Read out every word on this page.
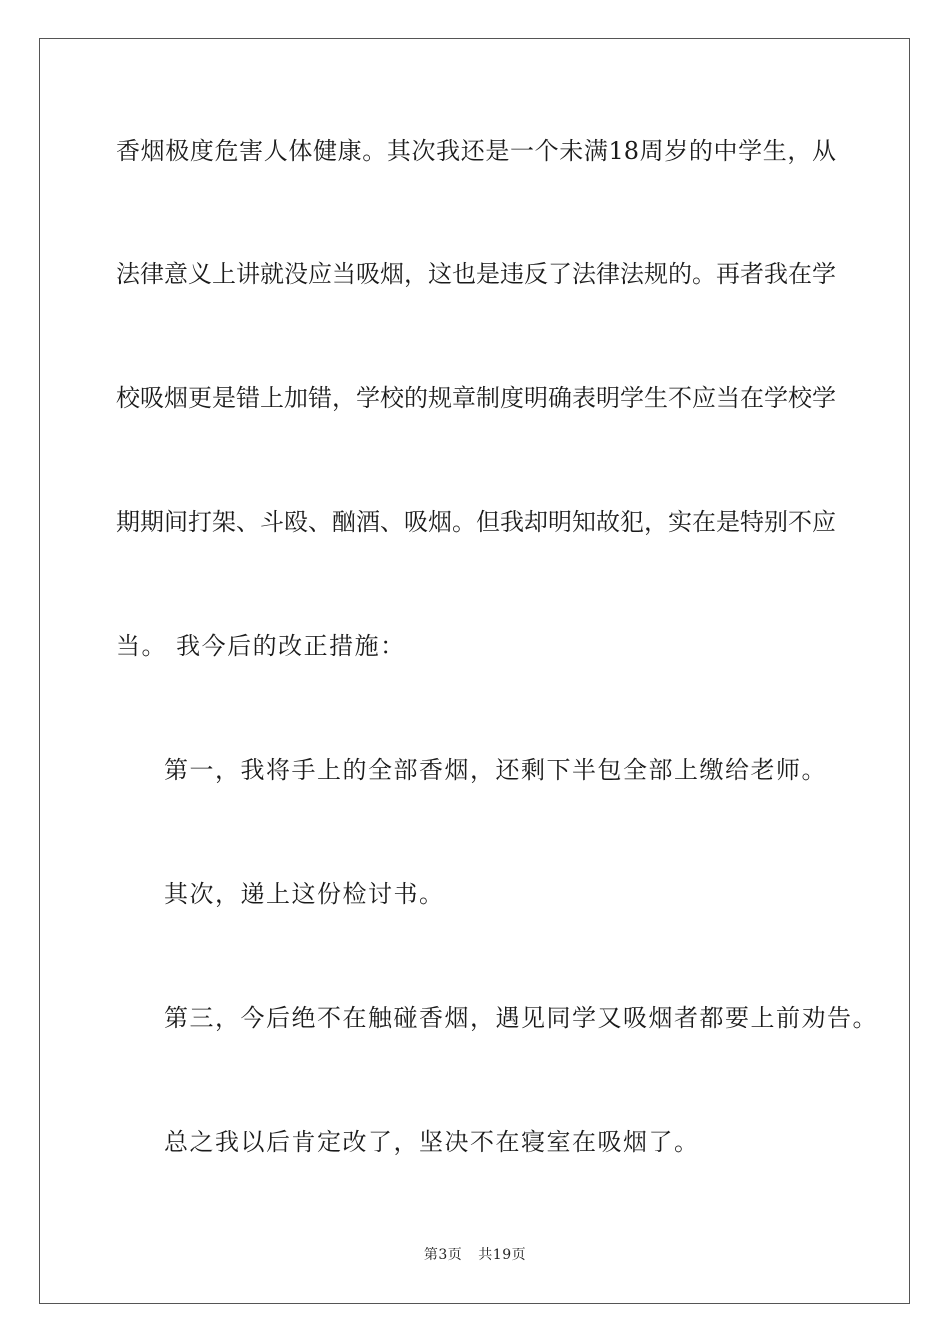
香烟极度危害人体健康。其次我还是一个未满18周岁的中学生，从
法律意义上讲就没应当吸烟，这也是违反了法律法规的。再者我在学
校吸烟更是错上加错，学校的规章制度明确表明学生不应当在学校学
期期间打架、斗殴、酗酒、吸烟。但我却明知故犯，实在是特别不应
当。 我今后的改正措施：
第一，我将手上的全部香烟，还剩下半包全部上缴给老师。
其次，递上这份检讨书。
第三，今后绝不在触碰香烟，遇见同学又吸烟者都要上前劝告。
总之我以后肯定改了，坚决不在寝室在吸烟了。
第3页 共19页
